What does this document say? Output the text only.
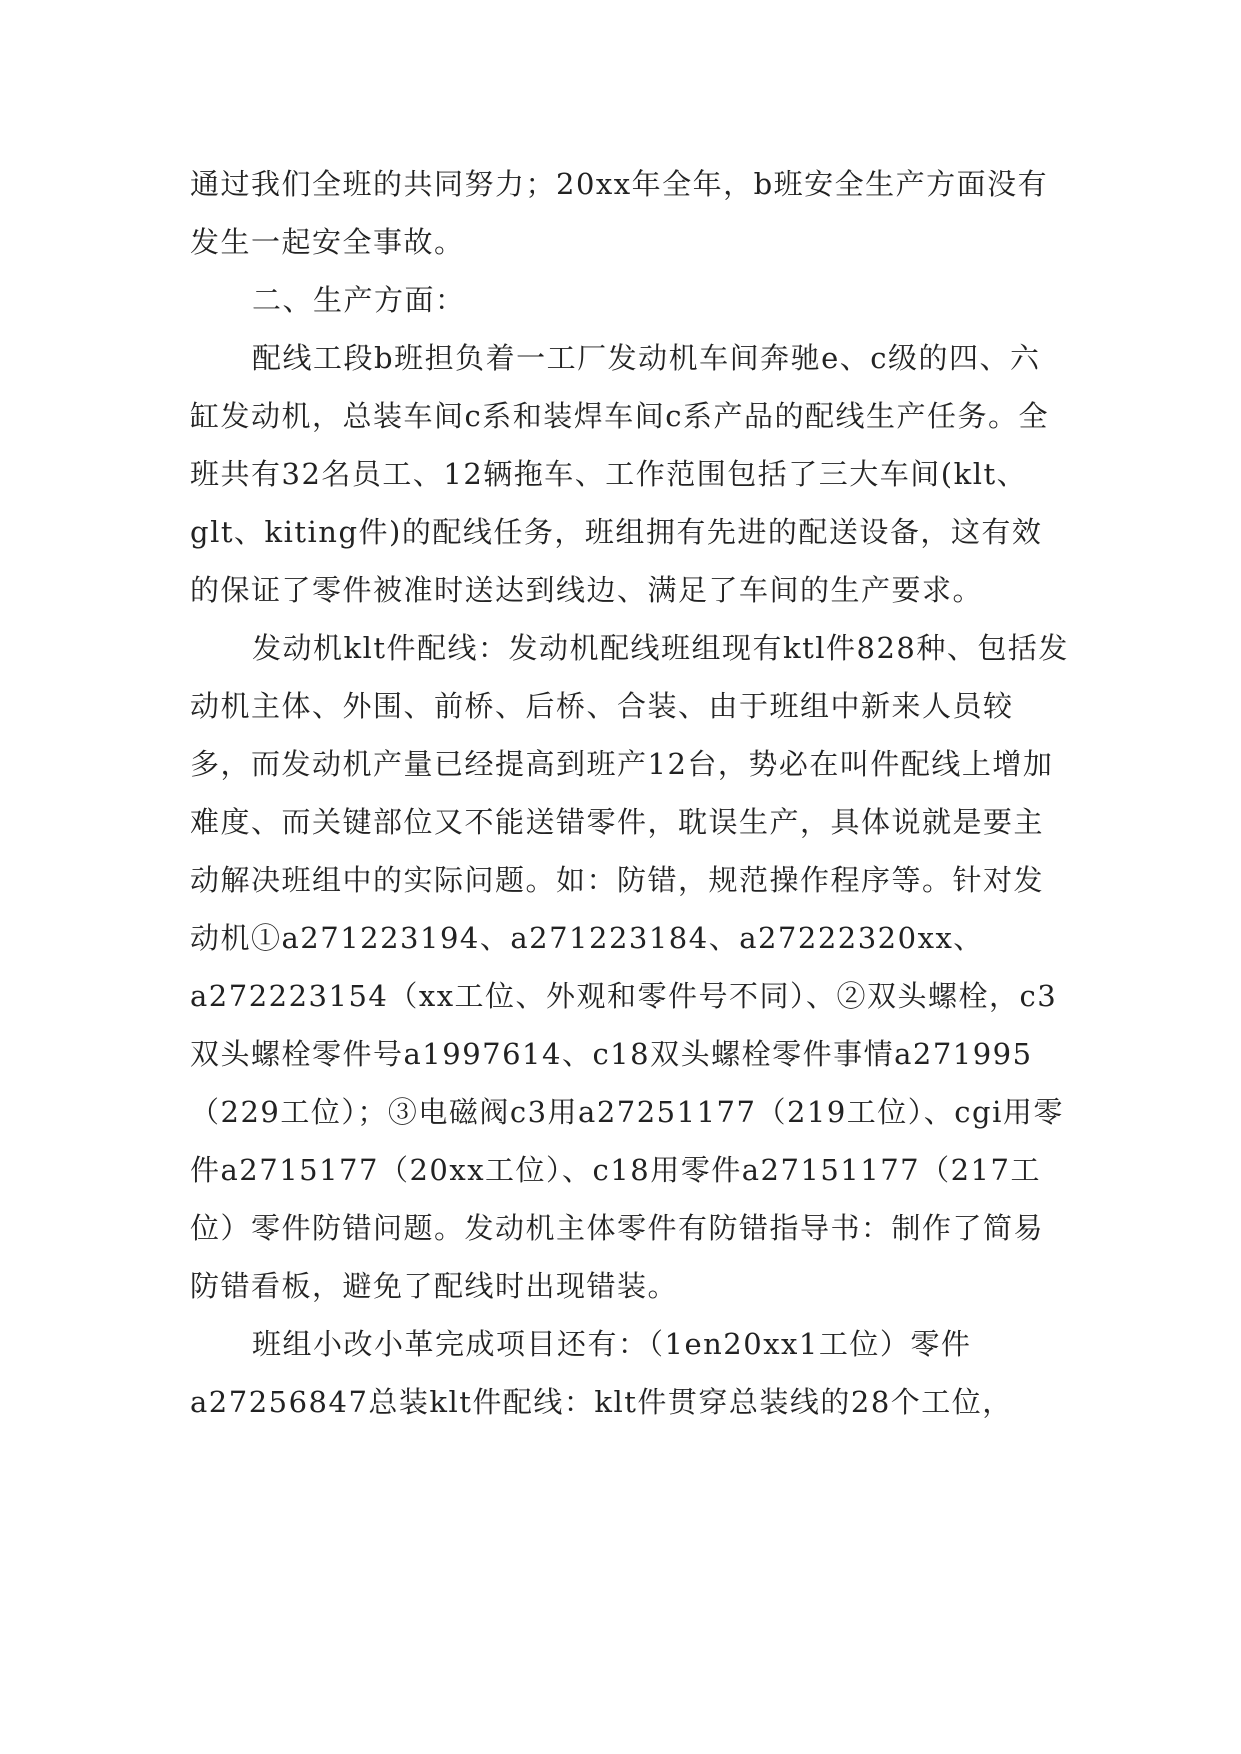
通过我们全班的共同努力；20xx年全年，b班安全生产方面没有发生一起安全事故。

二、生产方面：

配线工段b班担负着一工厂发动机车间奔驰e、c级的四、六缸发动机，总装车间c系和装焊车间c系产品的配线生产任务。全班共有32名员工、12辆拖车、工作范围包括了三大车间(klt、glt、kiting件)的配线任务，班组拥有先进的配送设备，这有效的保证了零件被准时送达到线边、满足了车间的生产要求。

发动机klt件配线：发动机配线班组现有ktl件828种、包括发动机主体、外围、前桥、后桥、合装、由于班组中新来人员较多，而发动机产量已经提高到班产12台，势必在叫件配线上增加难度、而关键部位又不能送错零件，耽误生产，具体说就是要主动解决班组中的实际问题。如：防错，规范操作程序等。针对发动机①a271223194、a271223184、a27222320xx、a272223154（xx工位、外观和零件号不同）、②双头螺栓，c3双头螺栓零件号a1997614、c18双头螺栓零件事情a271995（229工位）；③电磁阀c3用a27251177（219工位）、cgi用零件a2715177（20xx工位）、c18用零件a27151177（217工位）零件防错问题。发动机主体零件有防错指导书：制作了简易防错看板，避免了配线时出现错装。

班组小改小革完成项目还有：（1en20xx1工位）零件a27256847总装klt件配线：klt件贯穿总装线的28个工位，
